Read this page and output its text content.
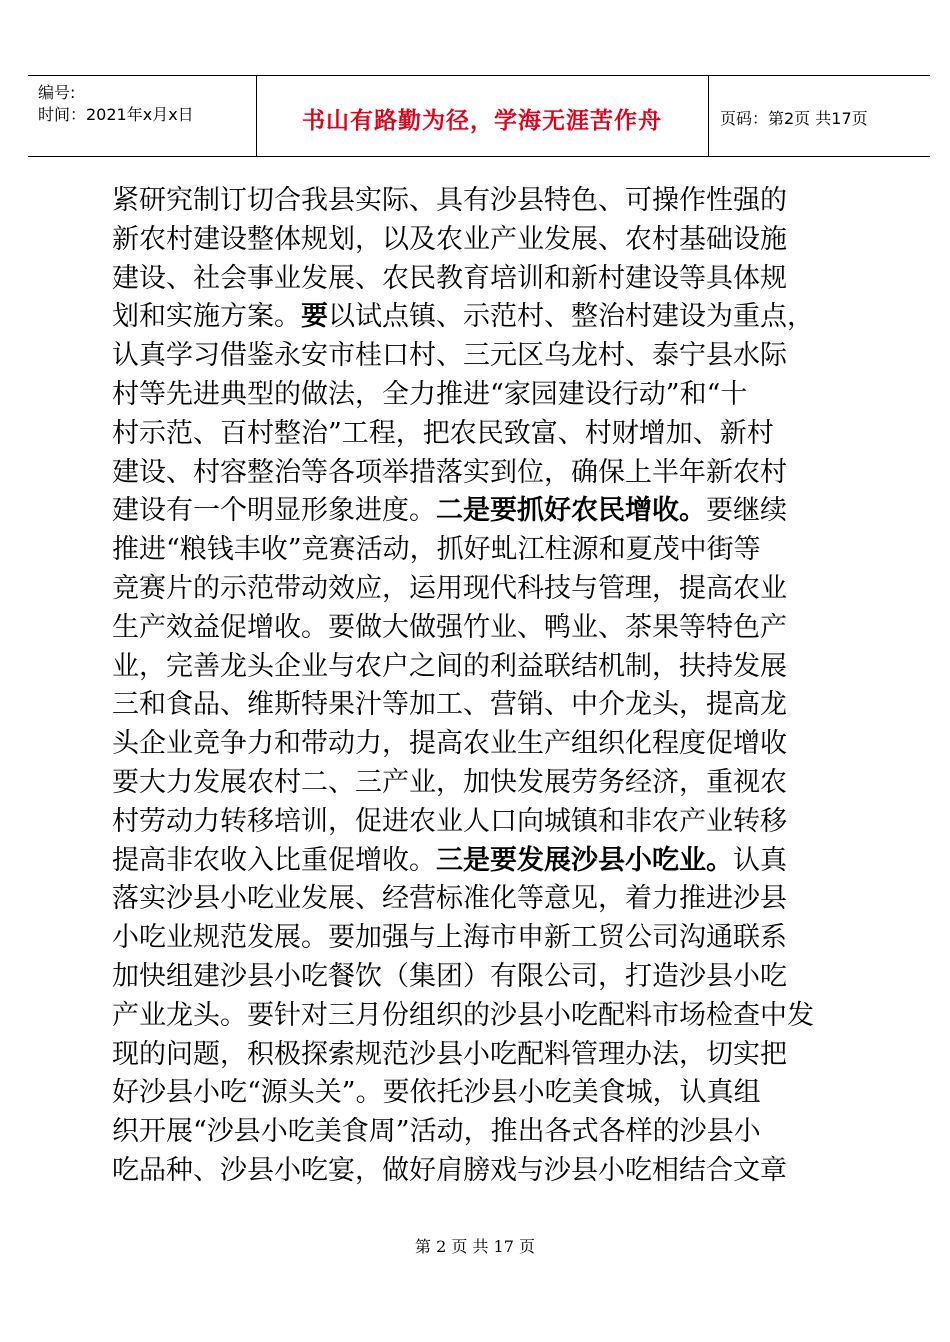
编号:
时间：2021年x月x日	书山有路勤为径，学海无涯苦作舟	页码：第2页 共17页
紧研究制订切合我县实际、具有沙县特色、可操作性强的
新农村建设整体规划，以及农业产业发展、农村基础设施
建设、社会事业发展、农民教育培训和新村建设等具体规
划和实施方案。要以试点镇、示范村、整治村建设为重点，
认真学习借鉴永安市桂口村、三元区乌龙村、泰宁县水际
村等先进典型的做法，全力推进“家园建设行动”和“十
村示范、百村整治”工程，把农民致富、村财增加、新村
建设、村容整治等各项举措落实到位，确保上半年新农村
建设有一个明显形象进度。二是要抓好农民增收。要继续
推进“粮钱丰收”竞赛活动，抓好虬江柱源和夏茂中街等
竞赛片的示范带动效应，运用现代科技与管理，提高农业
生产效益促增收。要做大做强竹业、鸭业、茶果等特色产
业，完善龙头企业与农户之间的利益联结机制，扶持发展
三和食品、维斯特果汁等加工、营销、中介龙头，提高龙
头企业竞争力和带动力，提高农业生产组织化程度促增收
要大力发展农村二、三产业，加快发展劳务经济，重视农
村劳动力转移培训，促进农业人口向城镇和非农产业转移
提高非农收入比重促增收。三是要发展沙县小吃业。认真
落实沙县小吃业发展、经营标准化等意见，着力推进沙县
小吃业规范发展。要加强与上海市申新工贸公司沟通联系
加快组建沙县小吃餐饮（集团）有限公司，打造沙县小吃
产业龙头。要针对三月份组织的沙县小吃配料市场检查中发
现的问题，积极探索规范沙县小吃配料管理办法，切实把
好沙县小吃“源头关”。要依托沙县小吃美食城，认真组
织开展“沙县小吃美食周”活动，推出各式各样的沙县小
吃品种、沙县小吃宴，做好肩膀戏与沙县小吃相结合文章
第 2 页 共 17 页
